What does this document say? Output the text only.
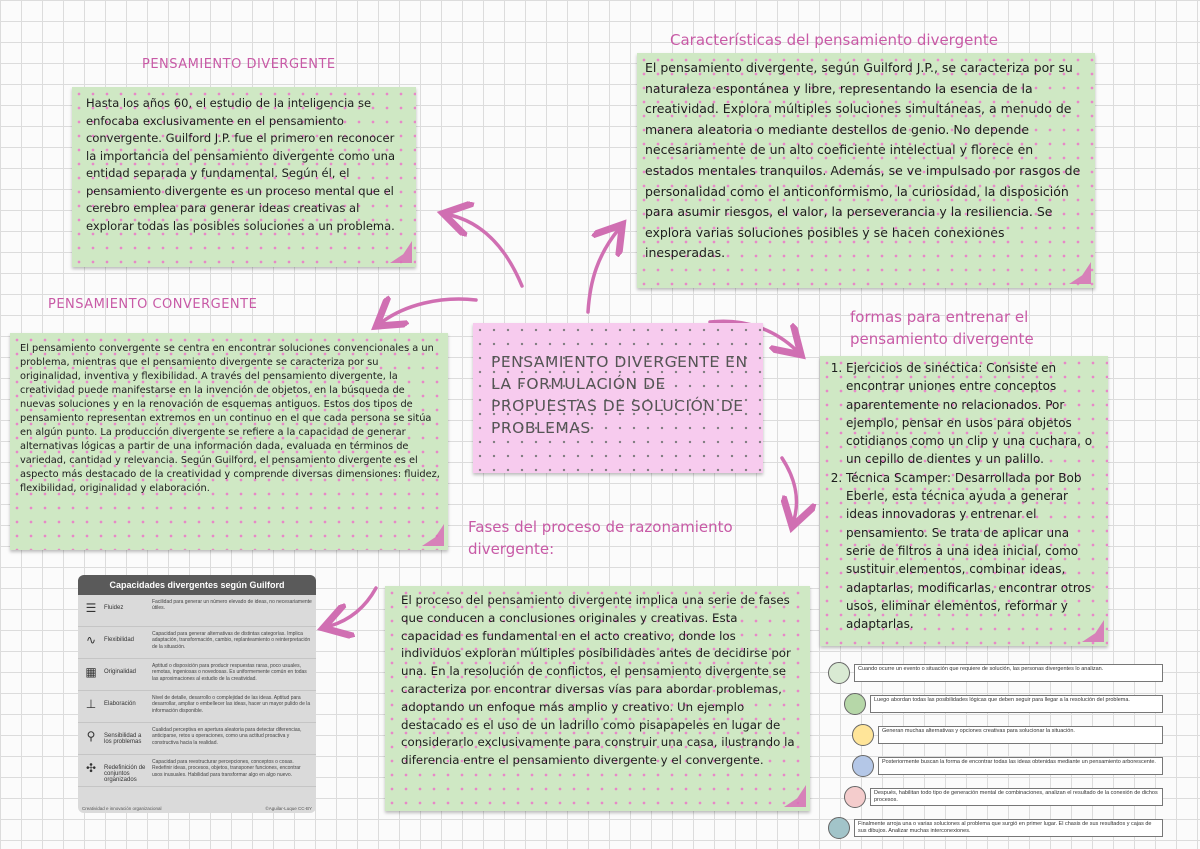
PENSAMIENTO DIVERGENTE EN LA FORMULACIÓN DE PROPUESTAS DE SOLUCIÓN DE PROBLEMAS

PENSAMIENTO DIVERGENTE

Hasta los años 60, el estudio de la inteligencia se enfocaba exclusivamente en el pensamiento convergente. Guilford J.P. fue el primero en reconocer la importancia del pensamiento divergente como una entidad separada y fundamental. Según él, el pensamiento divergente es un proceso mental que el cerebro emplea para generar ideas creativas al explorar todas las posibles soluciones a un problema.

Características del pensamiento divergente

El pensamiento divergente, según Guilford J.P., se caracteriza por su naturaleza espontánea y libre, representando la esencia de la creatividad. Explora múltiples soluciones simultáneas, a menudo de manera aleatoria o mediante destellos de genio. No depende necesariamente de un alto coeficiente intelectual y florece en estados mentales tranquilos. Además, se ve impulsado por rasgos de personalidad como el anticonformismo, la curiosidad, la disposición para asumir riesgos, el valor, la perseverancia y la resiliencia. Se explora varias soluciones posibles y se hacen conexiones inesperadas.

PENSAMIENTO CONVERGENTE

El pensamiento convergente se centra en encontrar soluciones convencionales a un problema, mientras que el pensamiento divergente se caracteriza por su originalidad, inventiva y flexibilidad. A través del pensamiento divergente, la creatividad puede manifestarse en la invención de objetos, en la búsqueda de nuevas soluciones y en la renovación de esquemas antiguos. Estos dos tipos de pensamiento representan extremos en un continuo en el que cada persona se sitúa en algún punto. La producción divergente se refiere a la capacidad de generar alternativas lógicas a partir de una información dada, evaluada en términos de variedad, cantidad y relevancia. Según Guilford, el pensamiento divergente es el aspecto más destacado de la creatividad y comprende diversas dimensiones: fluidez, flexibilidad, originalidad y elaboración.

formas para entrenar el pensamiento divergente
1. Ejercicios de sinéctica: Consiste en encontrar uniones entre conceptos aparentemente no relacionados. Por ejemplo, pensar en usos para objetos cotidianos como un clip y una cuchara, o un cepillo de dientes y un palillo.
2. Técnica Scamper: Desarrollada por Bob Eberle, esta técnica ayuda a generar ideas innovadoras y entrenar el pensamiento. Se trata de aplicar una serie de filtros a una idea inicial, como sustituir elementos, combinar ideas, adaptarlas, modificarlas, encontrar otros usos, eliminar elementos, reformar y adaptarlas.
Fases del proceso de razonamiento divergente:

El proceso del pensamiento divergente implica una serie de fases que conducen a conclusiones originales y creativas. Esta capacidad es fundamental en el acto creativo, donde los individuos exploran múltiples posibilidades antes de decidirse por una. En la resolución de conflictos, el pensamiento divergente se caracteriza por encontrar diversas vías para abordar problemas, adoptando un enfoque más amplio y creativo. Un ejemplo destacado es el uso de un ladrillo como pisapapeles en lugar de considerarlo exclusivamente para construir una casa, ilustrando la diferencia entre el pensamiento divergente y el convergente.

Capacidades divergentes según Guilford
☰	Fluidez
Facilidad para generar un número elevado de ideas, no necesariamente útiles.
∿	Flexibilidad
Capacidad para generar alternativas de distintas categorías. Implica adaptación, transformación, cambio, replanteamiento o reinterpretación de la situación.
▦	Originalidad
Aptitud o disposición para producir respuestas raras, poco usuales, remotas, ingeniosas o novedosas. Es uniformemente común en todas las aproximaciones al estudio de la creatividad.
⊥	Elaboración
Nivel de detalle, desarrollo o complejidad de las ideas. Aptitud para desarrollar, ampliar o embellecer las ideas, hacer un mayor pulido de la información disponible.
⚲	Sensibilidad a los problemas
Cualidad perceptiva en apertura aleatoria para detectar diferencias, anticiparse, retos u operaciones, como una actitud proactiva y constructiva hacia la realidad.
✣	Redefinición de conjuntos organizados
Capacidad para reestructurar percepciones, conceptos o cosas. Redefinir ideas, procesos, objetos, transponer funciones, encontrar usos inusuales. Habilidad para transformar algo en algo nuevo.
Creatividad e innovación organizacional	©Aguilar-Luque CC-BY
Cuando ocurre un evento o situación que requiere de solución, las personas divergentes lo analizan.
Luego abordan todas las posibilidades lógicas que deben seguir para llegar a la resolución del problema.
Generan muchas alternativas y opciones creativas para solucionar la situación.
Posteriormente buscan la forma de encontrar todas las ideas obtenidas mediante un pensamiento arborescente.
Después, habilitan todo tipo de generación mental de combinaciones, analizan el resultado de la conexión de dichos procesos.
Finalmente arroja una o varias soluciones al problema que surgió en primer lugar. El chasis de sus resultados y cajas de sus dibujos. Analizar muchas interconexiones.
